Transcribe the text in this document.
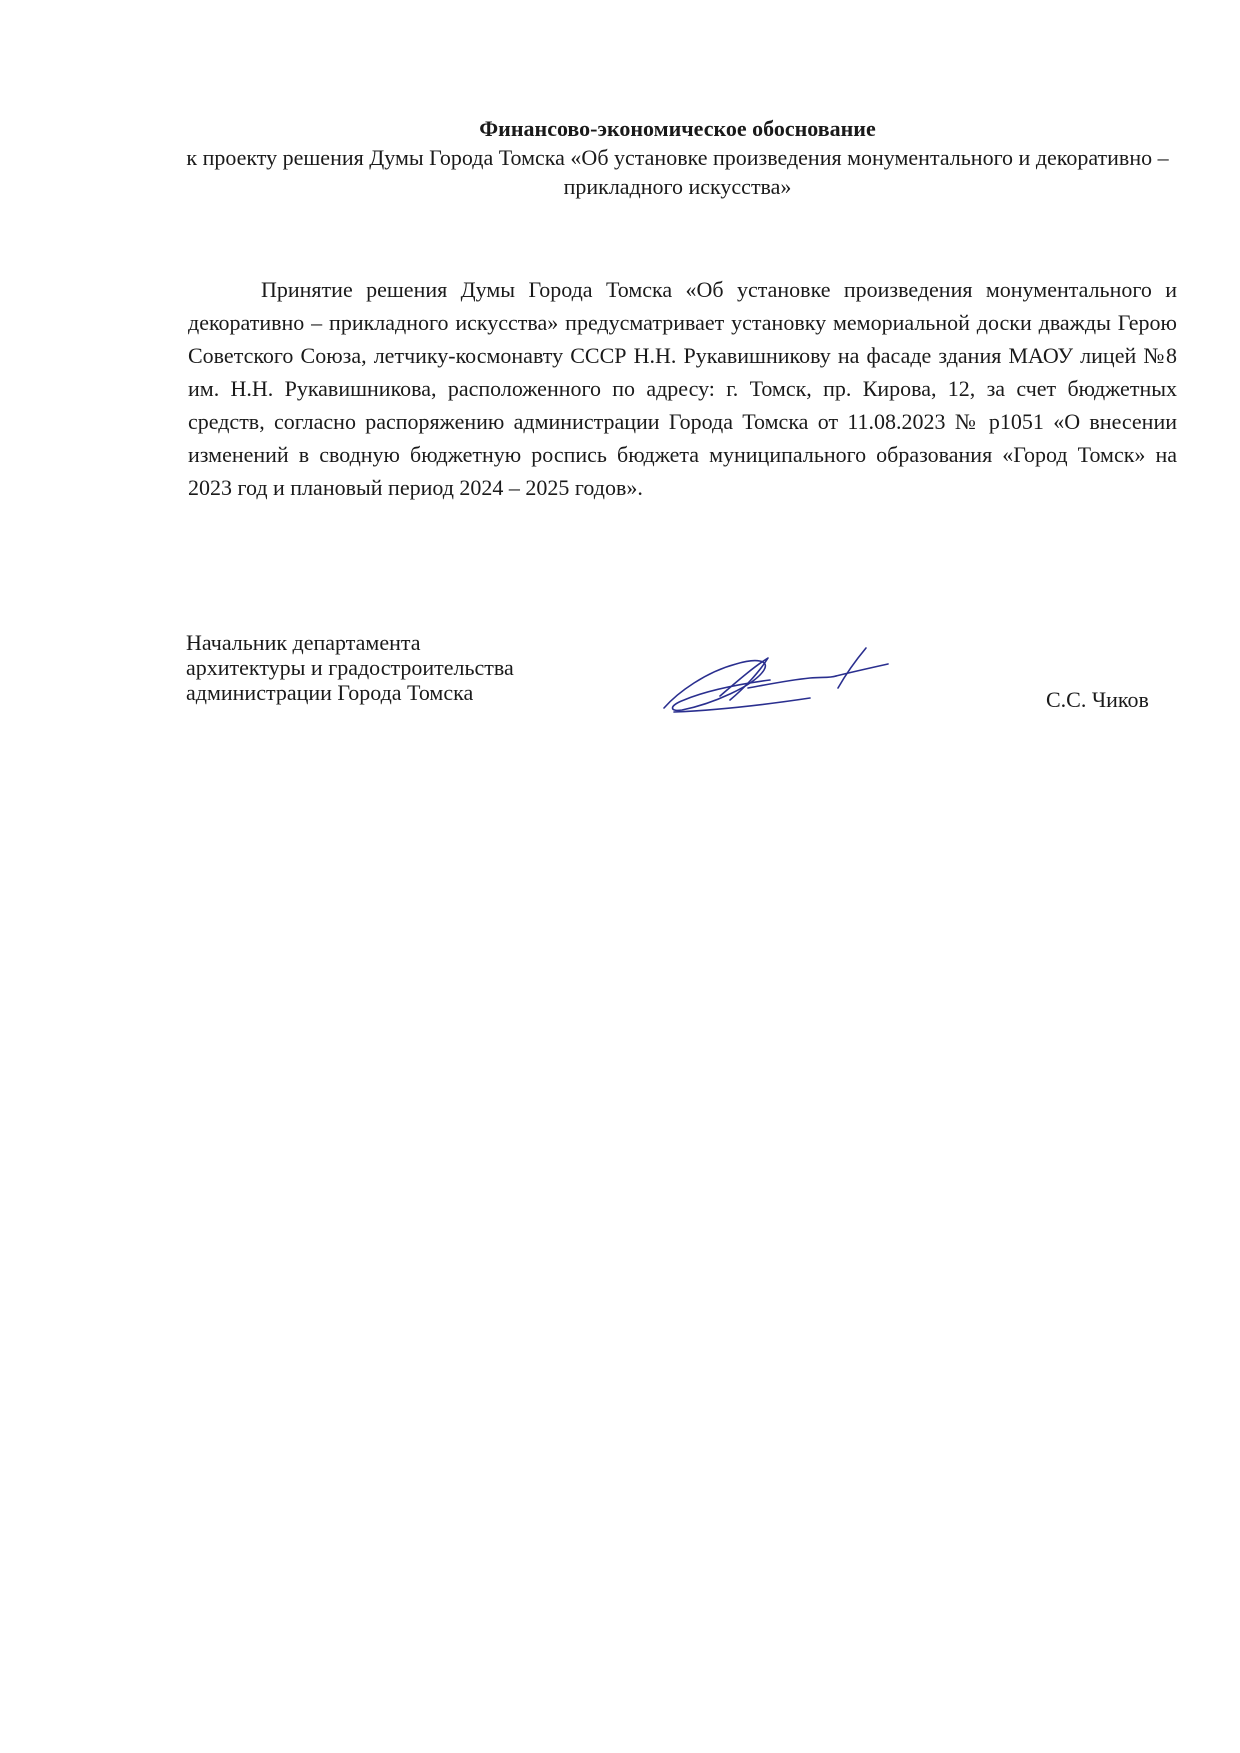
Финансово-экономическое обоснование
к проекту решения Думы Города Томска «Об установке произведения монументального и декоративно – прикладного искусства»

Принятие решения Думы Города Томска «Об установке произведения монументального и декоративно – прикладного искусства» предусматривает установку мемориальной доски дважды Герою Советского Союза, летчику-космонавту СССР Н.Н. Рукавишникову на фасаде здания МАОУ лицей №8 им. Н.Н. Рукавишникова, расположенного по адресу: г. Томск, пр. Кирова, 12, за счет бюджетных средств, согласно распоряжению администрации Города Томска от 11.08.2023 № р1051 «О внесении изменений в сводную бюджетную роспись бюджета муниципального образования «Город Томск» на 2023 год и плановый период 2024 – 2025 годов».

Начальник департамента
архитектуры и градостроительства
администрации Города Томска	С.С. Чиков
